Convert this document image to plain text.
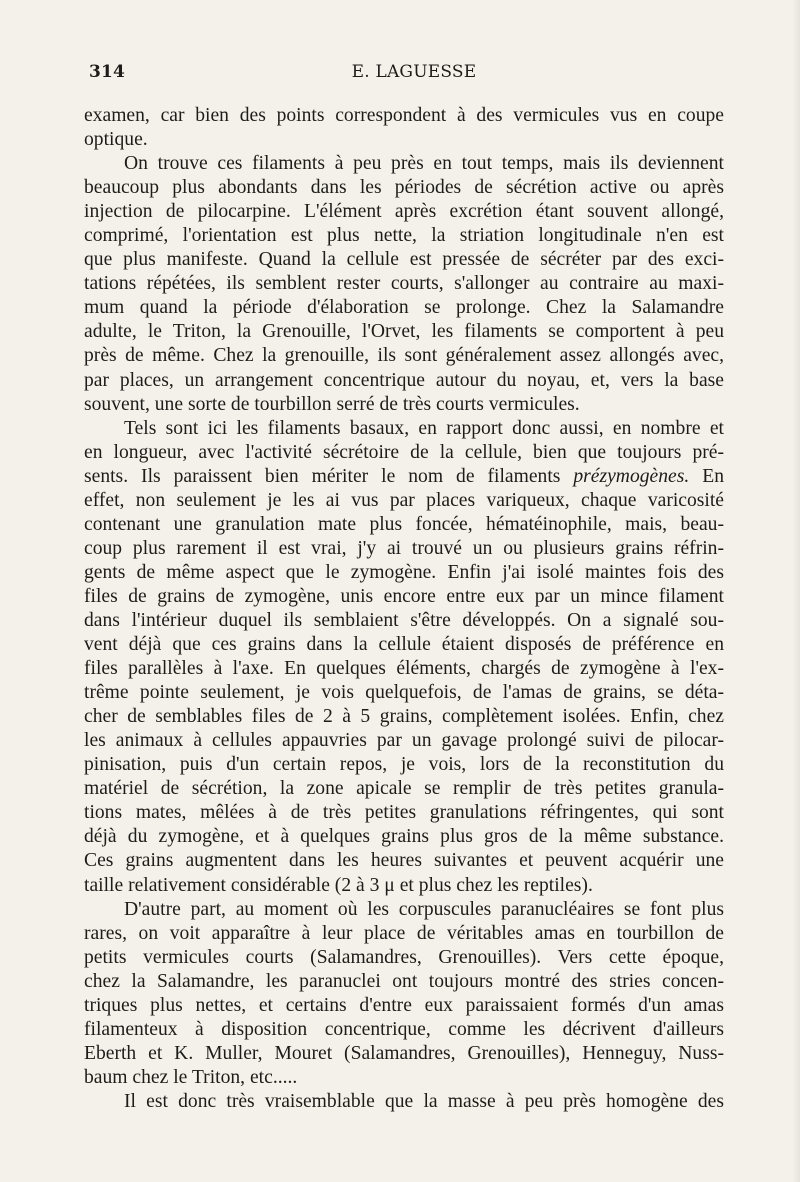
314	E. LAGUESSE

examen, car bien des points correspondent à des vermicules vus en coupe
optique.

On trouve ces filaments à peu près en tout temps, mais ils deviennent
beaucoup plus abondants dans les périodes de sécrétion active ou après
injection de pilocarpine. L'élément après excrétion étant souvent allongé,
comprimé, l'orientation est plus nette, la striation longitudinale n'en est
que plus manifeste. Quand la cellule est pressée de sécréter par des exci-
tations répétées, ils semblent rester courts, s'allonger au contraire au maxi-
mum quand la période d'élaboration se prolonge. Chez la Salamandre
adulte, le Triton, la Grenouille, l'Orvet, les filaments se comportent à peu
près de même. Chez la grenouille, ils sont généralement assez allongés avec,
par places, un arrangement concentrique autour du noyau, et, vers la base
souvent, une sorte de tourbillon serré de très courts vermicules.

Tels sont ici les filaments basaux, en rapport donc aussi, en nombre et
en longueur, avec l'activité sécrétoire de la cellule, bien que toujours pré-
sents. Ils paraissent bien mériter le nom de filaments prézymogènes. En
effet, non seulement je les ai vus par places variqueux, chaque varicosité
contenant une granulation mate plus foncée, hématéinophile, mais, beau-
coup plus rarement il est vrai, j'y ai trouvé un ou plusieurs grains réfrin-
gents de même aspect que le zymogène. Enfin j'ai isolé maintes fois des
files de grains de zymogène, unis encore entre eux par un mince filament
dans l'intérieur duquel ils semblaient s'être développés. On a signalé sou-
vent déjà que ces grains dans la cellule étaient disposés de préférence en
files parallèles à l'axe. En quelques éléments, chargés de zymogène à l'ex-
trême pointe seulement, je vois quelquefois, de l'amas de grains, se déta-
cher de semblables files de 2 à 5 grains, complètement isolées. Enfin, chez
les animaux à cellules appauvries par un gavage prolongé suivi de pilocar-
pinisation, puis d'un certain repos, je vois, lors de la reconstitution du
matériel de sécrétion, la zone apicale se remplir de très petites granula-
tions mates, mêlées à de très petites granulations réfringentes, qui sont
déjà du zymogène, et à quelques grains plus gros de la même substance.
Ces grains augmentent dans les heures suivantes et peuvent acquérir une
taille relativement considérable (2 à 3 μ et plus chez les reptiles).

D'autre part, au moment où les corpuscules paranucléaires se font plus
rares, on voit apparaître à leur place de véritables amas en tourbillon de
petits vermicules courts (Salamandres, Grenouilles). Vers cette époque,
chez la Salamandre, les paranuclei ont toujours montré des stries concen-
triques plus nettes, et certains d'entre eux paraissaient formés d'un amas
filamenteux à disposition concentrique, comme les décrivent d'ailleurs
Eberth et K. Muller, Mouret (Salamandres, Grenouilles), Henneguy, Nuss-
baum chez le Triton, etc.....

Il est donc très vraisemblable que la masse à peu près homogène des
